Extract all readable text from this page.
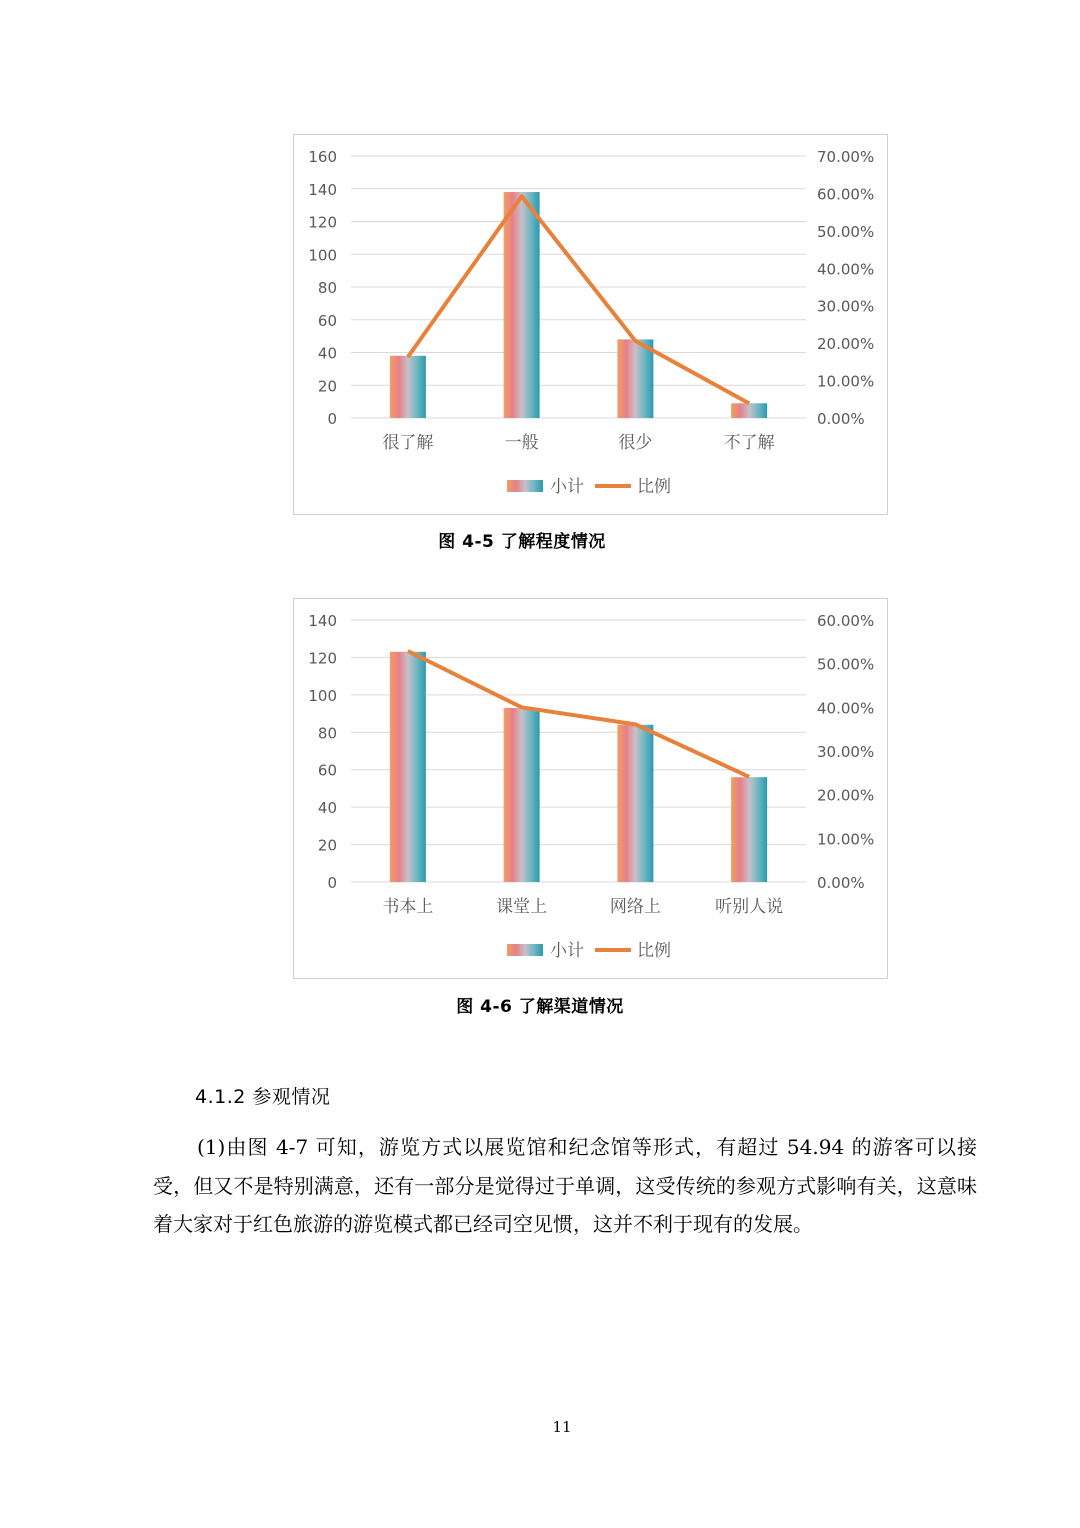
160
140
120
100
80
60
40
20
0
70.00%
60.00%
50.00%
40.00%
30.00%
20.00%
10.00%
0.00%
很了解	一般	很少	不了解
小计	比例
图 4-5 了解程度情况
140
120
100
80
60
40
20
0
60.00%
50.00%
40.00%
30.00%
20.00%
10.00%
0.00%
书本上	课堂上	网络上	听别人说
小计	比例
图 4-6 了解渠道情况
4.1.2 参观情况
(1)由图 4-7 可知，游览方式以展览馆和纪念馆等形式，有超过 54.94 的游客可以接受，但又不是特别满意，还有一部分是觉得过于单调，这受传统的参观方式影响有关，这意味着大家对于红色旅游的游览模式都已经司空见惯，这并不利于现有的发展。
11
